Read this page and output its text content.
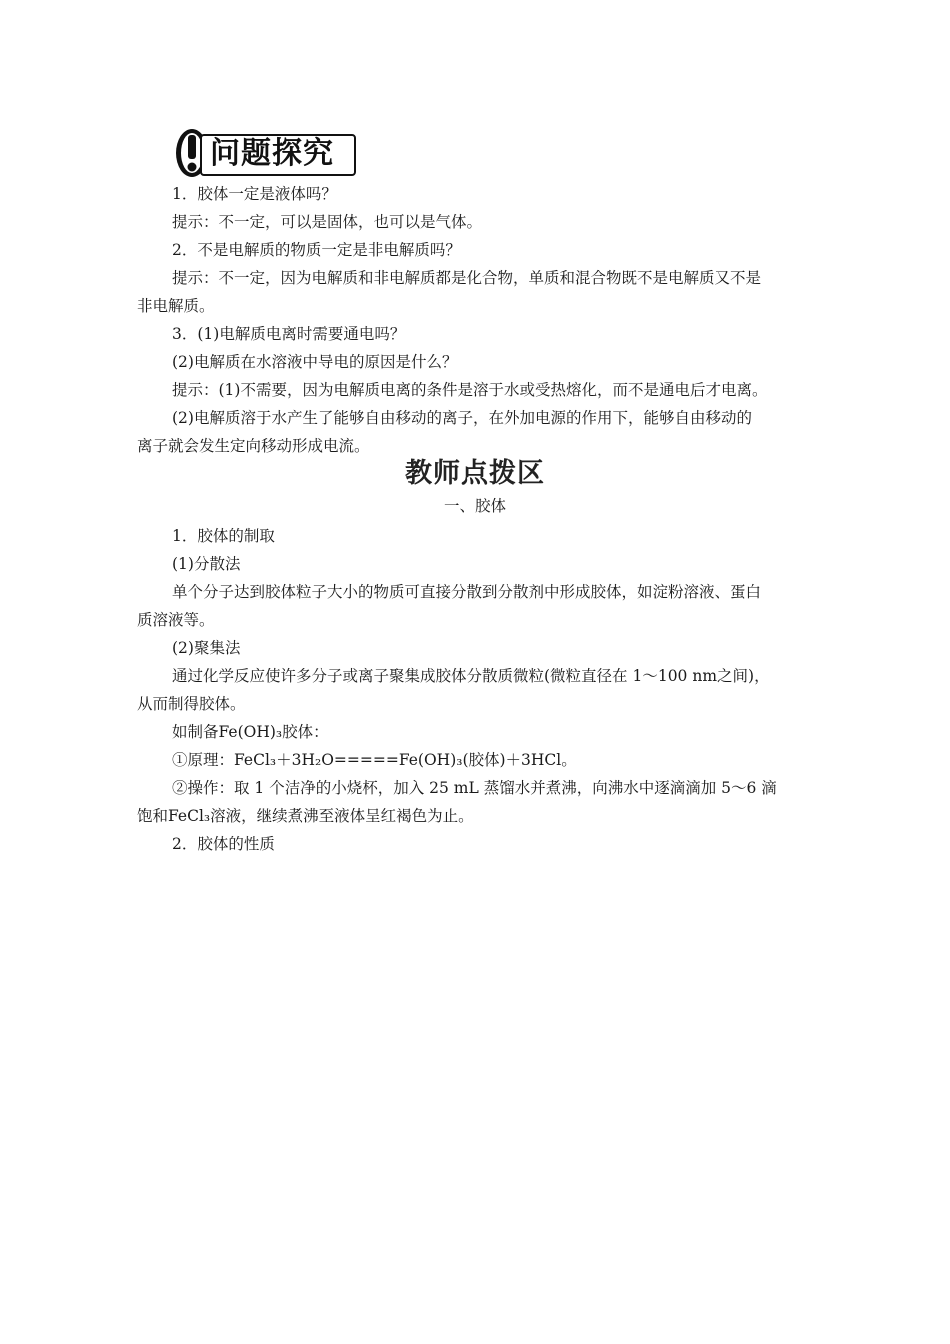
问题探究
1．胶体一定是液体吗？
提示：不一定，可以是固体，也可以是气体。
2．不是电解质的物质一定是非电解质吗？
提示：不一定，因为电解质和非电解质都是化合物，单质和混合物既不是电解质又不是
非电解质。
3．(1)电解质电离时需要通电吗？
(2)电解质在水溶液中导电的原因是什么？
提示：(1)不需要，因为电解质电离的条件是溶于水或受热熔化，而不是通电后才电离。
(2)电解质溶于水产生了能够自由移动的离子，在外加电源的作用下，能够自由移动的
离子就会发生定向移动形成电流。
教师点拨区
一、胶体
1．胶体的制取
(1)分散法
单个分子达到胶体粒子大小的物质可直接分散到分散剂中形成胶体，如淀粉溶液、蛋白
质溶液等。
(2)聚集法
通过化学反应使许多分子或离子聚集成胶体分散质微粒(微粒直径在 1～100 nm之间)，
从而制得胶体。
如制备Fe(OH)₃胶体：
①原理：FeCl₃＋3H₂O=====Fe(OH)₃(胶体)＋3HCl。
②操作：取 1 个洁净的小烧杯，加入 25 mL 蒸馏水并煮沸，向沸水中逐滴滴加 5～6 滴
饱和FeCl₃溶液，继续煮沸至液体呈红褐色为止。
2．胶体的性质
